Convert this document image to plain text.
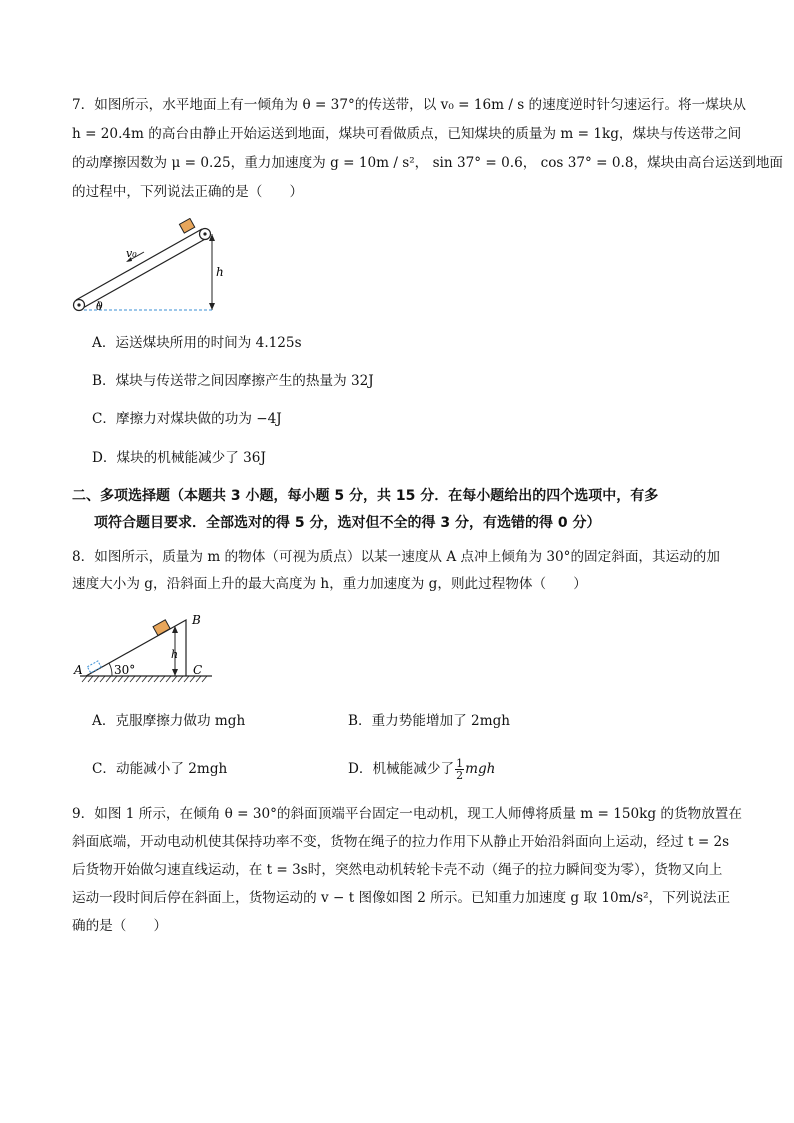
7．如图所示，水平地面上有一倾角为 θ = 37°的传送带，以 v₀ = 16m / s 的速度逆时针匀速运行。将一煤块从
h = 20.4m 的高台由静止开始运送到地面，煤块可看做质点，已知煤块的质量为 m = 1kg，煤块与传送带之间
的动摩擦因数为 μ = 0.25，重力加速度为 g = 10m / s²， sin 37° = 0.6， cos 37° = 0.8，煤块由高台运送到地面
的过程中，下列说法正确的是（　　）
v₀
h
θ
A．运送煤块所用的时间为 4.125s
B．煤块与传送带之间因摩擦产生的热量为 32J
C．摩擦力对煤块做的功为 −4J
D．煤块的机械能减少了 36J
二、多项选择题（本题共 3 小题，每小题 5 分，共 15 分．在每小题给出的四个选项中，有多
项符合题目要求．全部选对的得 5 分，选对但不全的得 3 分，有选错的得 0 分）
8．如图所示，质量为 m 的物体（可视为质点）以某一速度从 A 点冲上倾角为 30°的固定斜面，其运动的加
速度大小为 g，沿斜面上升的最大高度为 h，重力加速度为 g，则此过程物体（　　）
h
30°
A
B
C
A．克服摩擦力做功 mgh	B．重力势能增加了 2mgh
C．动能减小了 2mgh	D．机械能减少了 $\frac{1}{2}$ mgh
9．如图 1 所示，在倾角 θ = 30°的斜面顶端平台固定一电动机，现工人师傅将质量 m = 150kg 的货物放置在
斜面底端，开动电动机使其保持功率不变，货物在绳子的拉力作用下从静止开始沿斜面向上运动，经过 t = 2s
后货物开始做匀速直线运动，在 t = 3s时，突然电动机转轮卡壳不动（绳子的拉力瞬间变为零），货物又向上
运动一段时间后停在斜面上，货物运动的 v − t 图像如图 2 所示。已知重力加速度 g 取 10m/s²，下列说法正
确的是（　　）
